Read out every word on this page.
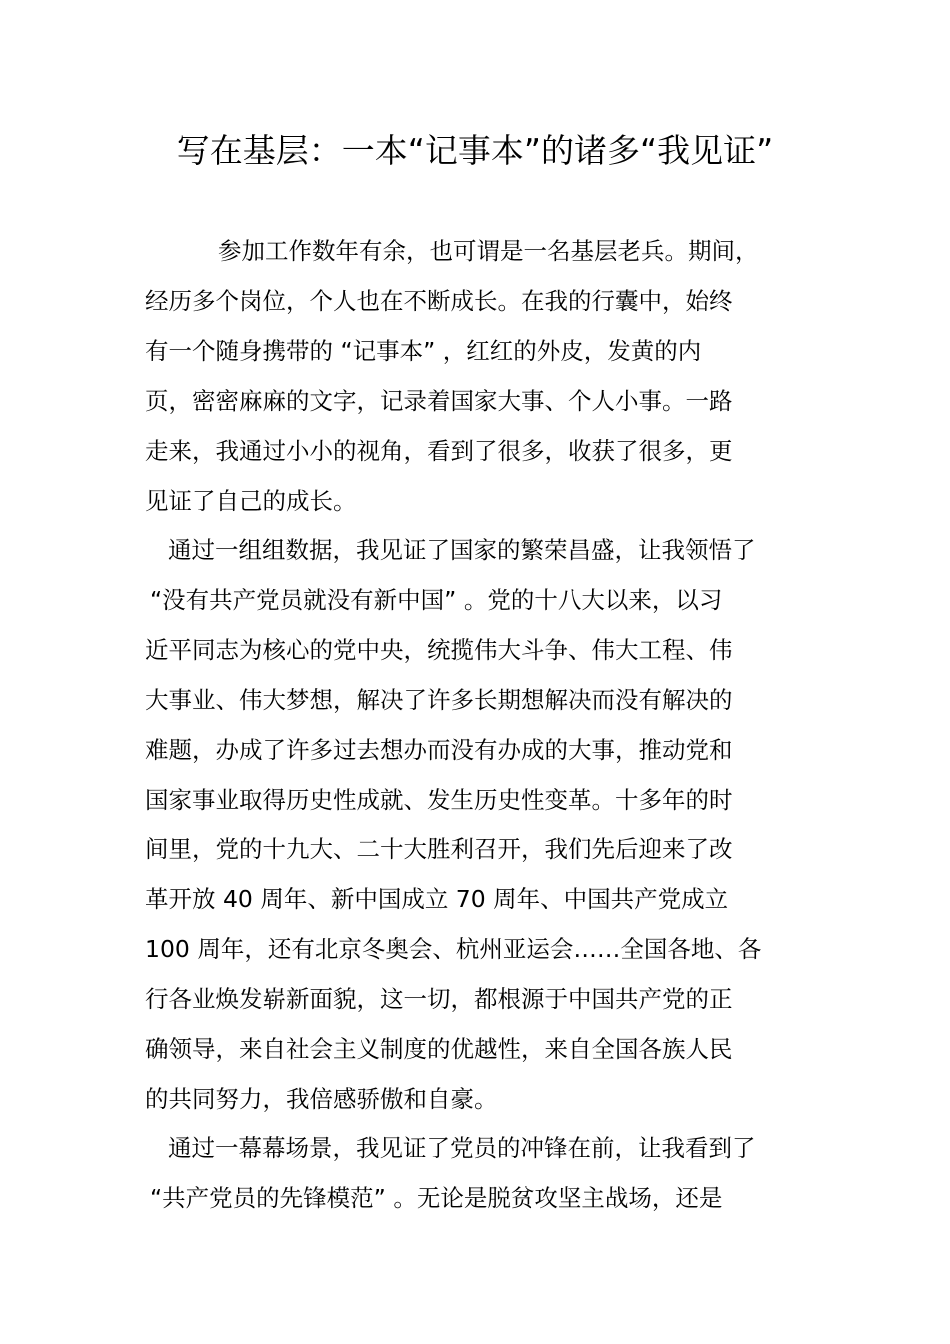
写在基层：一本“记事本”的诸多“我见证”

参加工作数年有余，也可谓是一名基层老兵。期间，

经历多个岗位，个人也在不断成长。在我的行囊中，始终

有一个随身携带的 “记事本” ，红红的外皮，发黄的内

页，密密麻麻的文字，记录着国家大事、个人小事。一路

走来，我通过小小的视角，看到了很多，收获了很多，更

见证了自己的成长。

通过一组组数据，我见证了国家的繁荣昌盛，让我领悟了

“没有共产党员就没有新中国” 。党的十八大以来，以习

近平同志为核心的党中央，统揽伟大斗争、伟大工程、伟

大事业、伟大梦想，解决了许多长期想解决而没有解决的

难题，办成了许多过去想办而没有办成的大事，推动党和

国家事业取得历史性成就、发生历史性变革。十多年的时

间里，党的十九大、二十大胜利召开，我们先后迎来了改

革开放 40 周年、新中国成立 70 周年、中国共产党成立

100 周年，还有北京冬奥会、杭州亚运会……全国各地、各

行各业焕发崭新面貌，这一切，都根源于中国共产党的正

确领导，来自社会主义制度的优越性，来自全国各族人民

的共同努力，我倍感骄傲和自豪。

通过一幕幕场景，我见证了党员的冲锋在前，让我看到了

“共产党员的先锋模范” 。无论是脱贫攻坚主战场，还是
